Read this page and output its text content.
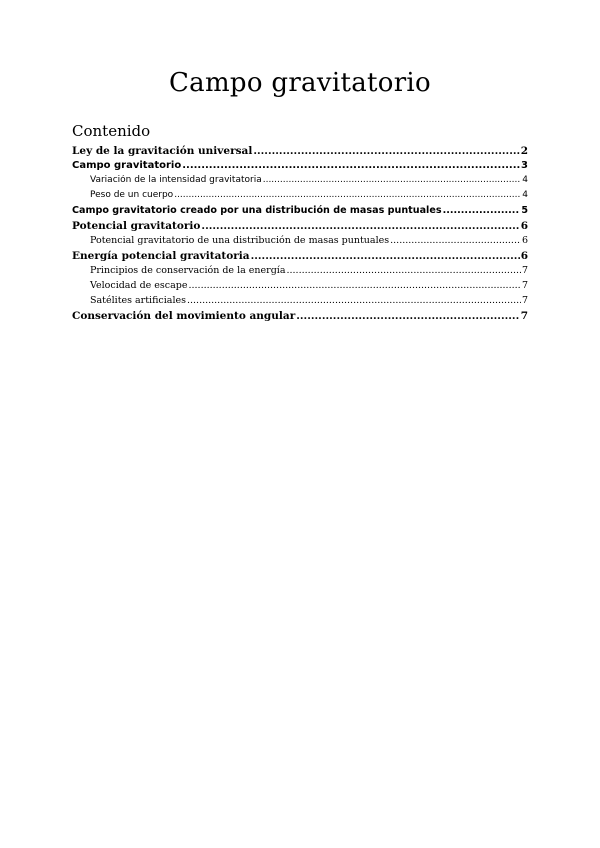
Campo gravitatorio
Contenido
Ley de la gravitación universal .....	2
Campo gravitatorio .....	3
Variación de la intensidad gravitatoria .....	4
Peso de un cuerpo .....	4
Campo gravitatorio creado por una distribución de masas puntuales .....	5
Potencial gravitatorio .....	6
Potencial gravitatorio de una distribución de masas puntuales .....	6
Energía potencial gravitatoria .....	6
Principios de conservación de la energía .....	7
Velocidad de escape .....	7
Satélites artificiales .....	7
Conservación del movimiento angular .....	7
